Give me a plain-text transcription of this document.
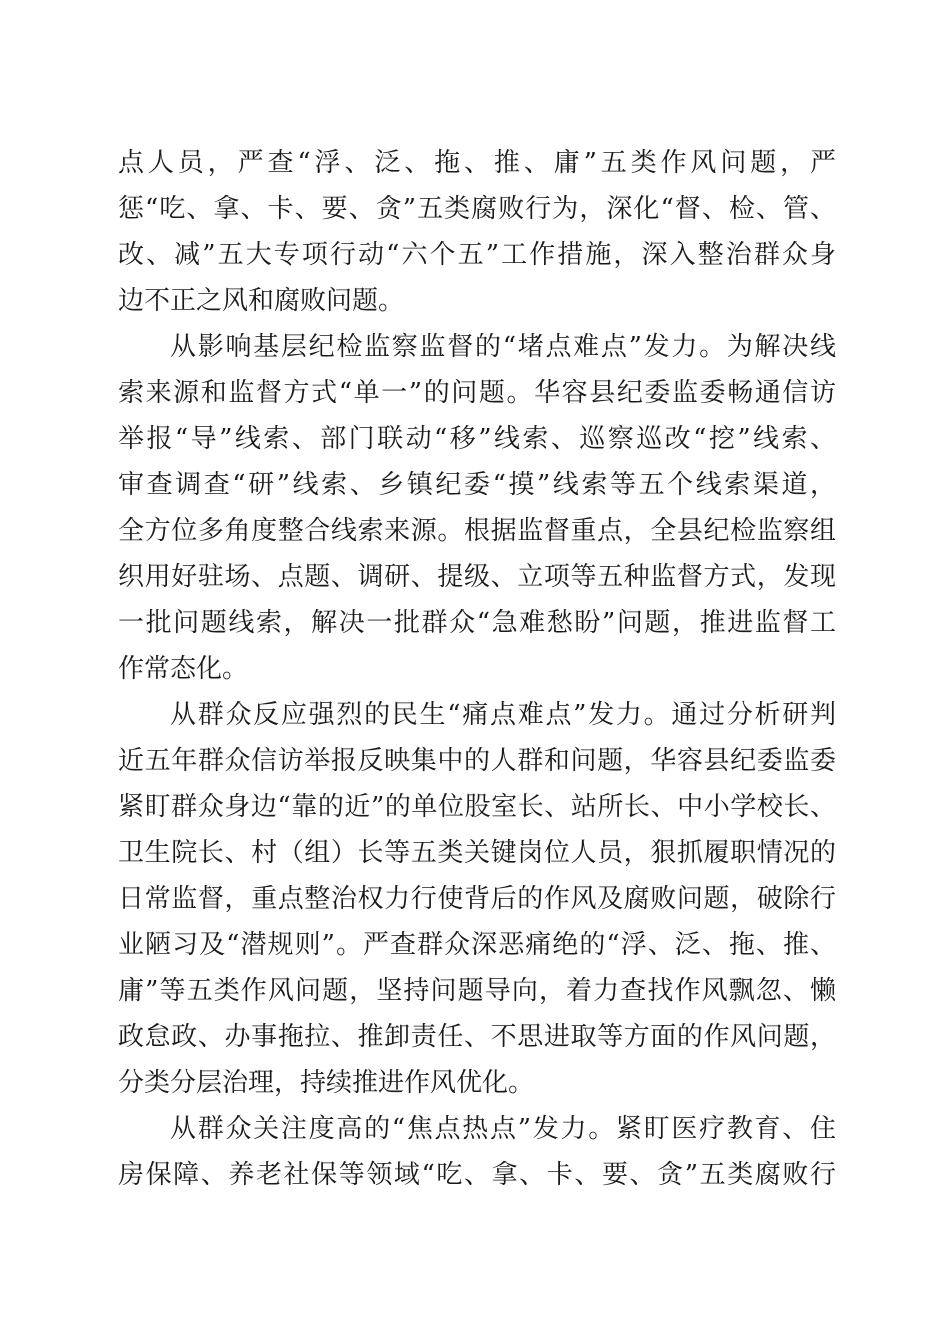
点人员，严查“浮、泛、拖、推、庸”五类作风问题，严
惩“吃、拿、卡、要、贪”五类腐败行为，深化“督、检、管、
改、减”五大专项行动“六个五”工作措施，深入整治群众身
边不正之风和腐败问题。
从影响基层纪检监察监督的“堵点难点”发力。为解决线
索来源和监督方式“单一”的问题。华容县纪委监委畅通信访
举报“导”线索、部门联动“移”线索、巡察巡改“挖”线索、
审查调查“研”线索、乡镇纪委“摸”线索等五个线索渠道，
全方位多角度整合线索来源。根据监督重点，全县纪检监察组
织用好驻场、点题、调研、提级、立项等五种监督方式，发现
一批问题线索，解决一批群众“急难愁盼”问题，推进监督工
作常态化。
从群众反应强烈的民生“痛点难点”发力。通过分析研判
近五年群众信访举报反映集中的人群和问题，华容县纪委监委
紧盯群众身边“靠的近”的单位股室长、站所长、中小学校长、
卫生院长、村（组）长等五类关键岗位人员，狠抓履职情况的
日常监督，重点整治权力行使背后的作风及腐败问题，破除行
业陋习及“潜规则”。严查群众深恶痛绝的“浮、泛、拖、推、
庸”等五类作风问题，坚持问题导向，着力查找作风飘忽、懒
政怠政、办事拖拉、推卸责任、不思进取等方面的作风问题，
分类分层治理，持续推进作风优化。
从群众关注度高的“焦点热点”发力。紧盯医疗教育、住
房保障、养老社保等领域“吃、拿、卡、要、贪”五类腐败行
